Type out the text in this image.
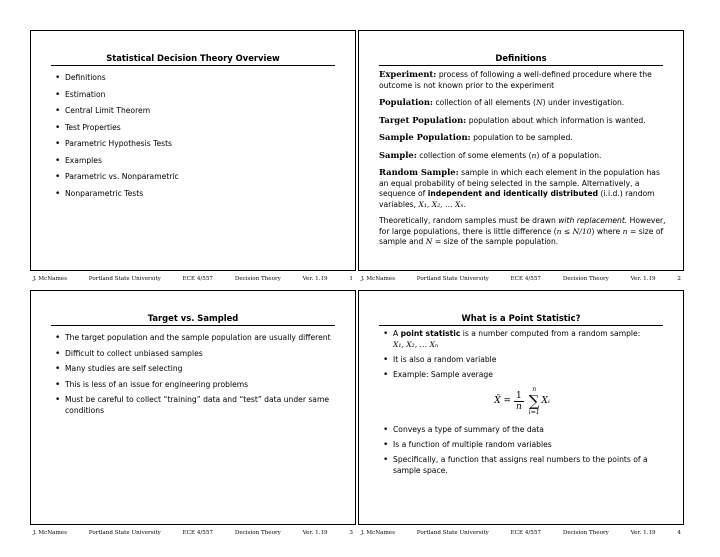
Statistical Decision Theory Overview
• Definitions
• Estimation
• Central Limit Theorem
• Test Properties
• Parametric Hypothesis Tests
• Examples
• Parametric vs. Nonparametric
• Nonparametric Tests
J. McNames	Portland State University	ECE 4/557	Decision Theory	Ver. 1.19	1
Definitions
Experiment: process of following a well-defined procedure where the outcome is not known prior to the experiment
Population: collection of all elements (N) under investigation.
Target Population: population about which information is wanted.
Sample Population: population to be sampled.
Sample: collection of some elements (n) of a population.
Random Sample: sample in which each element in the population has an equal probability of being selected in the sample. Alternatively, a sequence of independent and identically distributed (i.i.d.) random variables, X₁, X₂, … Xₙ.
Theoretically, random samples must be drawn with replacement. However, for large populations, there is little difference (n ≤ N/10) where n = size of sample and N = size of the sample population.
J. McNames	Portland State University	ECE 4/557	Decision Theory	Ver. 1.19	2
Target vs. Sampled
• The target population and the sample population are usually different
• Difficult to collect unbiased samples
• Many studies are self selecting
• This is less of an issue for engineering problems
• Must be careful to collect “training” data and “test” data under same conditions
J. McNames	Portland State University	ECE 4/557	Decision Theory	Ver. 1.19	3
What is a Point Statistic?
• A point statistic is a number computed from a random sample:
X₁, X₂, … Xₙ
• It is also a random variable
• Example: Sample average
X̄ = $\frac{1}{n}$
n
∑
i=1
Xᵢ
• Conveys a type of summary of the data
• Is a function of multiple random variables
• Specifically, a function that assigns real numbers to the points of a sample space.
J. McNames	Portland State University	ECE 4/557	Decision Theory	Ver. 1.19	4
